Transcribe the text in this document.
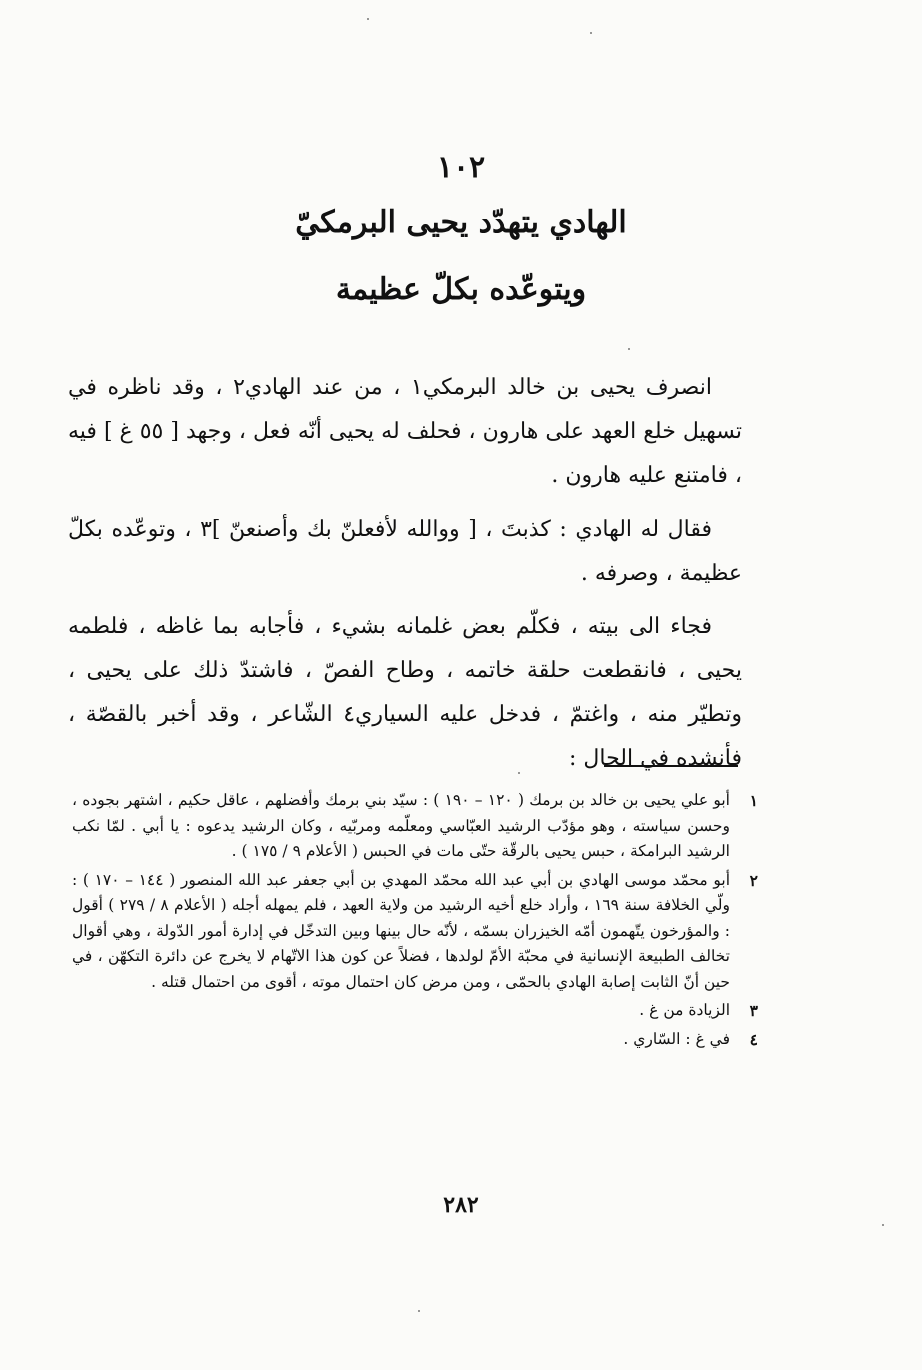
١٠٢
الهادي يتهدّد يحيى البرمكيّ
ويتوعّده بكلّ عظيمة

انصرف يحيى بن خالد البرمكي١ ، من عند الهادي٢ ، وقد ناظره في تسهيل خلع العهد على هارون ، فحلف له يحيى أنّه فعل ، وجهد [ ٥٥ غ ] فيه ، فامتنع عليه هارون .

فقال له الهادي : كذبتَ ، [ ووالله لأفعلنّ بك وأصنعنّ ]٣ ، وتوعّده بكلّ عظيمة ، وصرفه .

فجاء الى بيته ، فكلّم بعض غلمانه بشيء ، فأجابه بما غاظه ، فلطمه يحيى ، فانقطعت حلقة خاتمه ، وطاح الفصّ ، فاشتدّ ذلك على يحيى ، وتطيّر منه ، واغتمّ ، فدخل عليه السياري٤ الشّاعر ، وقد أخبر بالقصّة ، فأنشده في الحال :

١
أبو علي يحيى بن خالد بن برمك ( ١٢٠ – ١٩٠ ) : سيّد بني برمك وأفضلهم ، عاقل حكيم ، اشتهر بجوده ، وحسن سياسته ، وهو مؤدّب الرشيد العبّاسي ومعلّمه ومربّيه ، وكان الرشيد يدعوه : يا أبي . لمّا نكب الرشيد البرامكة ، حبس يحيى بالرقّة حتّى مات في الحبس ( الأعلام ٩ / ١٧٥ ) .
٢
أبو محمّد موسى الهادي بن أبي عبد الله محمّد المهدي بن أبي جعفر عبد الله المنصور ( ١٤٤ – ١٧٠ ) : ولّي الخلافة سنة ١٦٩ ، وأراد خلع أخيه الرشيد من ولاية العهد ، فلم يمهله أجله ( الأعلام ٨ / ٢٧٩ ) أقول : والمؤرخون يتّهمون أمّه الخيزران بسمّه ، لأنّه حال بينها وبين التدخّل في إدارة أمور الدّولة ، وهي أقوال تخالف الطبيعة الإنسانية في محبّة الأمّ لولدها ، فضلاً عن كون هذا الاتّهام لا يخرج عن دائرة التكهّن ، في حين أنّ الثابت إصابة الهادي بالحمّى ، ومن مرض كان احتمال موته ، أقوى من احتمال قتله .
٣
الزيادة من غ .
٤
في غ : السّاري .
٢٨٢
